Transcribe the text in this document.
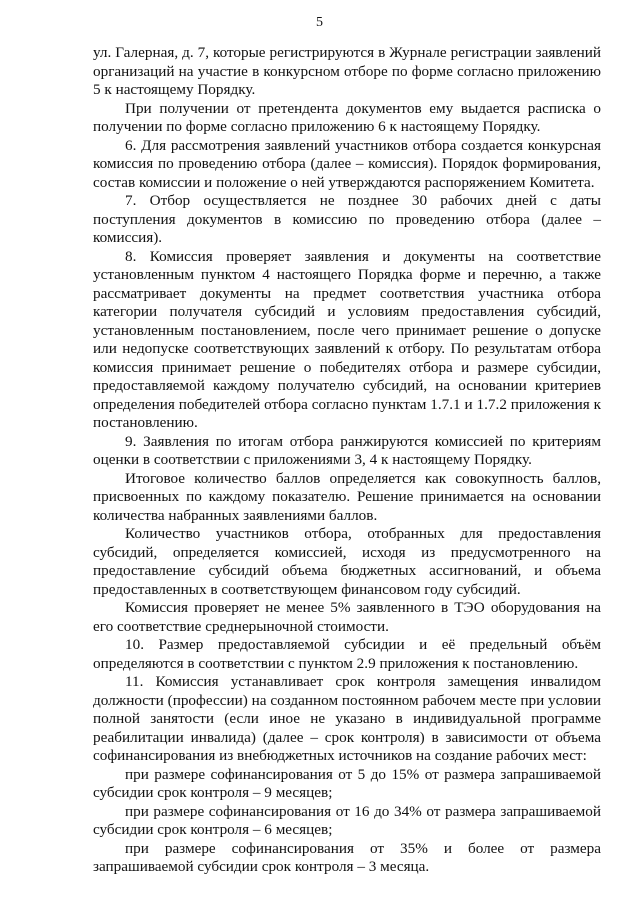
5

ул. Галерная, д. 7, которые регистрируются в Журнале регистрации заявлений организаций на участие в конкурсном отборе по форме согласно приложению 5 к настоящему Порядку.

При получении от претендента документов ему выдается расписка о получении по форме согласно приложению 6 к настоящему Порядку.

6. Для рассмотрения заявлений участников отбора создается конкурсная комиссия по проведению отбора (далее – комиссия). Порядок формирования, состав комиссии и положение о ней утверждаются распоряжением Комитета.

7. Отбор осуществляется не позднее 30 рабочих дней с даты поступления документов в комиссию по проведению отбора (далее – комиссия).

8. Комиссия проверяет заявления и документы на соответствие установленным пунктом 4 настоящего Порядка форме и перечню, а также рассматривает документы на предмет соответствия участника отбора категории получателя субсидий и условиям предоставления субсидий, установленным постановлением, после чего принимает решение о допуске или недопуске соответствующих заявлений к отбору. По результатам отбора комиссия принимает решение о победителях отбора и размере субсидии, предоставляемой каждому получателю субсидий, на основании критериев определения победителей отбора согласно пунктам 1.7.1 и 1.7.2 приложения к постановлению.

9. Заявления по итогам отбора ранжируются комиссией по критериям оценки в соответствии с приложениями 3, 4 к настоящему Порядку.

Итоговое количество баллов определяется как совокупность баллов, присвоенных по каждому показателю. Решение принимается на основании количества набранных заявлениями баллов.

Количество участников отбора, отобранных для предоставления субсидий, определяется комиссией, исходя из предусмотренного на предоставление субсидий объема бюджетных ассигнований, и объема предоставленных в соответствующем финансовом году субсидий.

Комиссия проверяет не менее 5% заявленного в ТЭО оборудования на его соответствие среднерыночной стоимости.

10. Размер предоставляемой субсидии и её предельный объём определяются в соответствии с пунктом 2.9 приложения к постановлению.

11. Комиссия устанавливает срок контроля замещения инвалидом должности (профессии) на созданном постоянном рабочем месте при условии полной занятости (если иное не указано в индивидуальной программе реабилитации инвалида) (далее – срок контроля) в зависимости от объема софинансирования из внебюджетных источников на создание рабочих мест:

при размере софинансирования от 5 до 15% от размера запрашиваемой субсидии срок контроля – 9 месяцев;

при размере софинансирования от 16 до 34% от размера запрашиваемой субсидии срок контроля – 6 месяцев;

при размере софинансирования от 35% и более от размера запрашиваемой субсидии срок контроля – 3 месяца.
